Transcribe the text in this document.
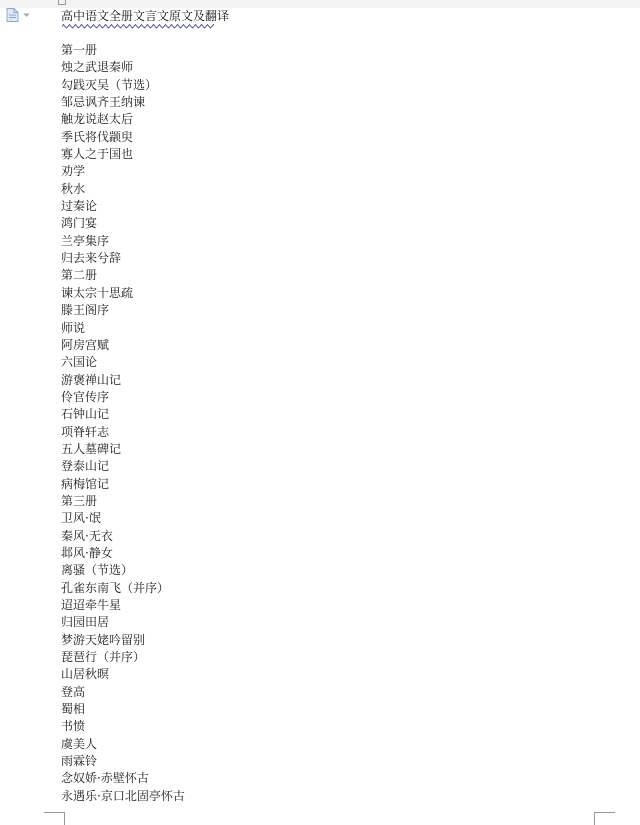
高中语文全册文言文原文及翻译
第一册
烛之武退秦师
勾践灭吴（节选）
邹忌讽齐王纳谏
触龙说赵太后
季氏将伐颛臾
寡人之于国也
劝学
秋水
过秦论
鸿门宴
兰亭集序
归去来兮辞
第二册
谏太宗十思疏
滕王阁序
师说
阿房宫赋
六国论
游褒禅山记
伶官传序
石钟山记
项脊轩志
五人墓碑记
登泰山记
病梅馆记
第三册
卫风·氓
秦风·无衣
邶风·静女
离骚（节选）
孔雀东南飞（并序）
迢迢牵牛星
归园田居
梦游天姥吟留别
琵琶行（并序）
山居秋暝
登高
蜀相
书愤
虞美人
雨霖铃
念奴娇·赤壁怀古
永遇乐·京口北固亭怀古
